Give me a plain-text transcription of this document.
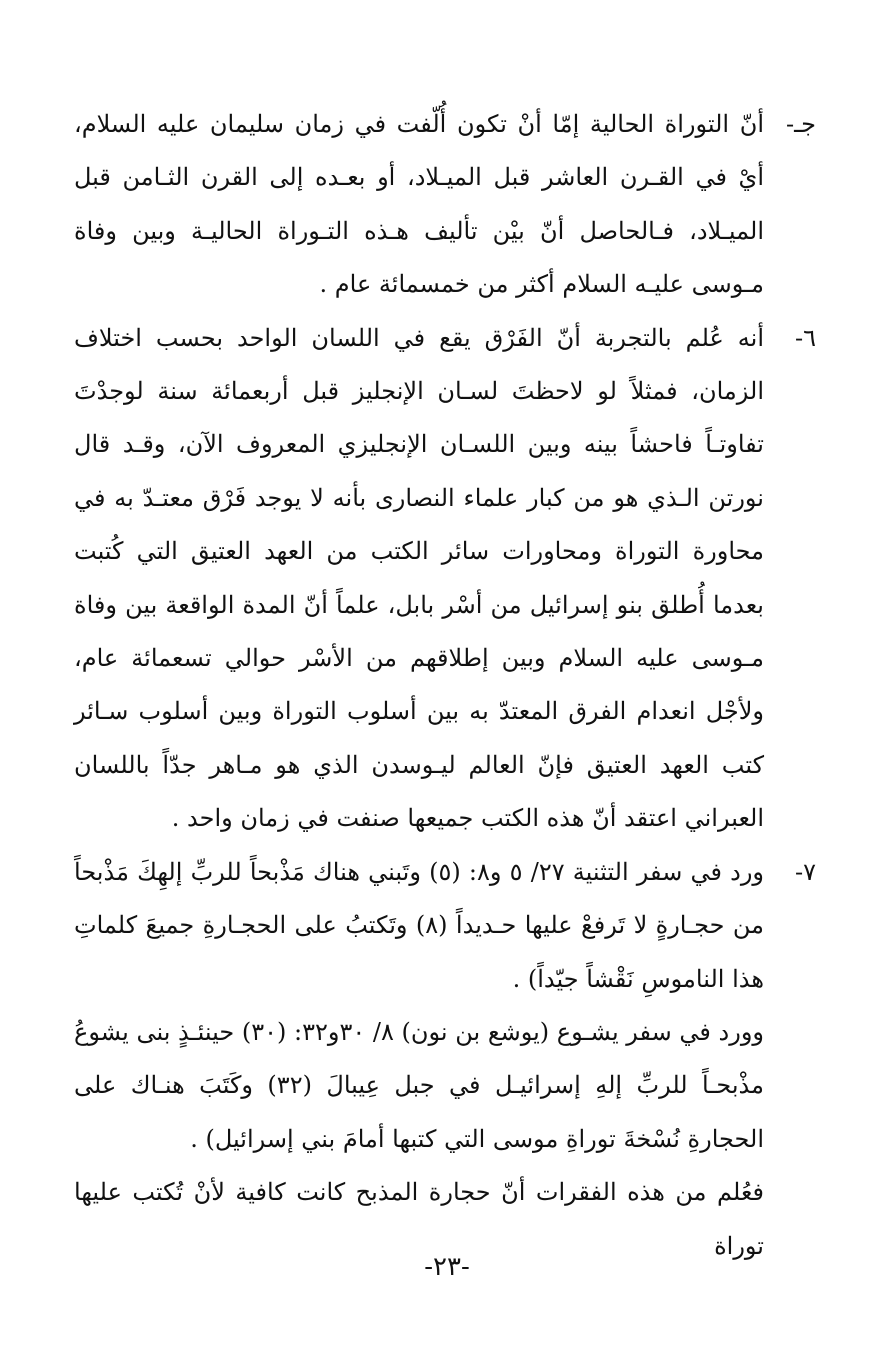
جـ-أنّ التوراة الحالية إمّا أنْ تكون أُلّفت في زمان سليمان عليه السلام، أيْ في القـرن العاشر قبل الميـلاد، أو بعـده إلى القرن الثـامن قبل الميـلاد، فـالحاصل أنّ بيْن تأليف هـذه التـوراة الحاليـة وبين وفاة مـوسى عليـه السلام أكثر من خمسمائة عام .

٦-أنه عُلم بالتجربة أنّ الفَرْق يقع في اللسان الواحد بحسب اختلاف الزمان، فمثلاً لو لاحظتَ لسـان الإنجليز قبل أربعمائة سنة لوجدْتَ تفاوتـاً فاحشاً بينه وبين اللسـان الإنجليزي المعروف الآن، وقـد قال نورتن الـذي هو من كبار علماء النصارى بأنه لا يوجد فَرْق معتـدّ به في محاورة التوراة ومحاورات سائر الكتب من العهد العتيق التي كُتبت بعدما أُطلق بنو إسرائيل من أسْر بابل، علماً أنّ المدة الواقعة بين وفاة مـوسى عليه السلام وبين إطلاقهم من الأسْر حوالي تسعمائة عام، ولأجْل انعدام الفرق المعتدّ به بين أسلوب التوراة وبين أسلوب سـائر كتب العهد العتيق فإنّ العالم ليـوسدن الذي هو مـاهر جدّاً باللسان العبراني اعتقد أنّ هذه الكتب جميعها صنفت في زمان واحد .

٧-ورد في سفر التثنية ٢٧/ ٥ و٨: (٥) وتَبني هناك مَذْبحاً للربِّ إلهِكَ مَذْبحاً من حجـارةٍ لا تَرفعْ عليها حـديداً (٨) وتَكتبُ على الحجـارةِ جميعَ كلماتِ هذا الناموسِ نَقْشاً جيّداً) .

وورد في سفر يشـوع (يوشع بن نون) ٨/ ٣٠و٣٢: (٣٠) حينئـذٍ بنى يشوعُ مذْبحـاً للربِّ إلهِ إسرائيـل في جبل عِيبالَ (٣٢) وكَتَبَ هنـاك على الحجارةِ نُسْخةَ توراةِ موسى التي كتبها أمامَ بني إسرائيل) .

فعُلم من هذه الفقرات أنّ حجارة المذبح كانت كافية لأنْ تُكتب عليها توراة

-٢٣-
